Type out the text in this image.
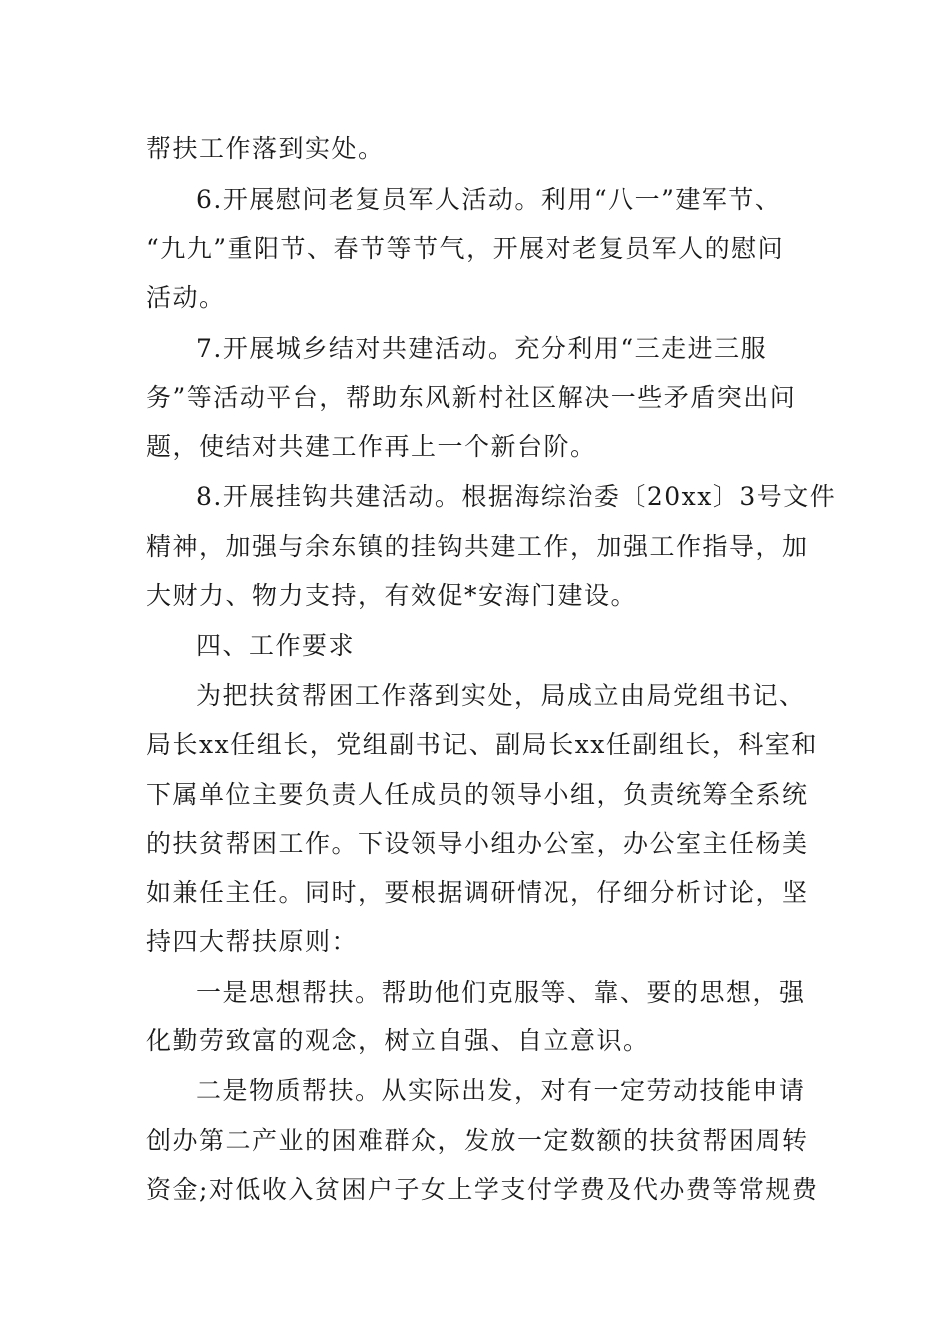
帮扶工作落到实处。
6.开展慰问老复员军人活动。利用“八一”建军节、
“九九”重阳节、春节等节气，开展对老复员军人的慰问
活动。
7.开展城乡结对共建活动。充分利用“三走进三服
务”等活动平台，帮助东风新村社区解决一些矛盾突出问
题，使结对共建工作再上一个新台阶。
8.开展挂钩共建活动。根据海综治委〔20xx〕3号文件
精神，加强与余东镇的挂钩共建工作，加强工作指导，加
大财力、物力支持，有效促*安海门建设。
四、工作要求
为把扶贫帮困工作落到实处，局成立由局党组书记、
局长xx任组长，党组副书记、副局长xx任副组长，科室和
下属单位主要负责人任成员的领导小组，负责统筹全系统
的扶贫帮困工作。下设领导小组办公室，办公室主任杨美
如兼任主任。同时，要根据调研情况，仔细分析讨论，坚
持四大帮扶原则：
一是思想帮扶。帮助他们克服等、靠、要的思想，强
化勤劳致富的观念，树立自强、自立意识。
二是物质帮扶。从实际出发，对有一定劳动技能申请
创办第二产业的困难群众，发放一定数额的扶贫帮困周转
资金;对低收入贫困户子女上学支付学费及代办费等常规费
